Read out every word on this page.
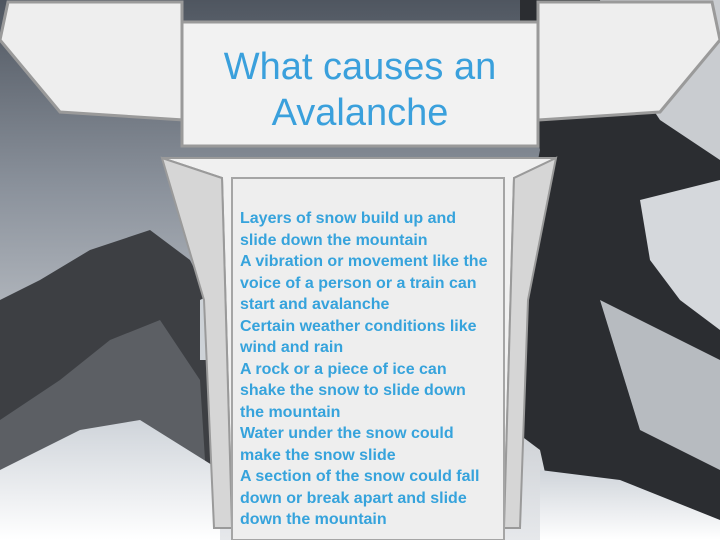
What causes an Avalanche
Layers of snow build up and slide down the mountain
A vibration or movement like the voice of a person or a train can start and avalanche
Certain weather conditions like wind and rain
A rock or a piece of ice can shake the snow to slide down the mountain
Water under the snow could make the snow slide
A section of the snow could fall down or break apart and slide down the mountain
